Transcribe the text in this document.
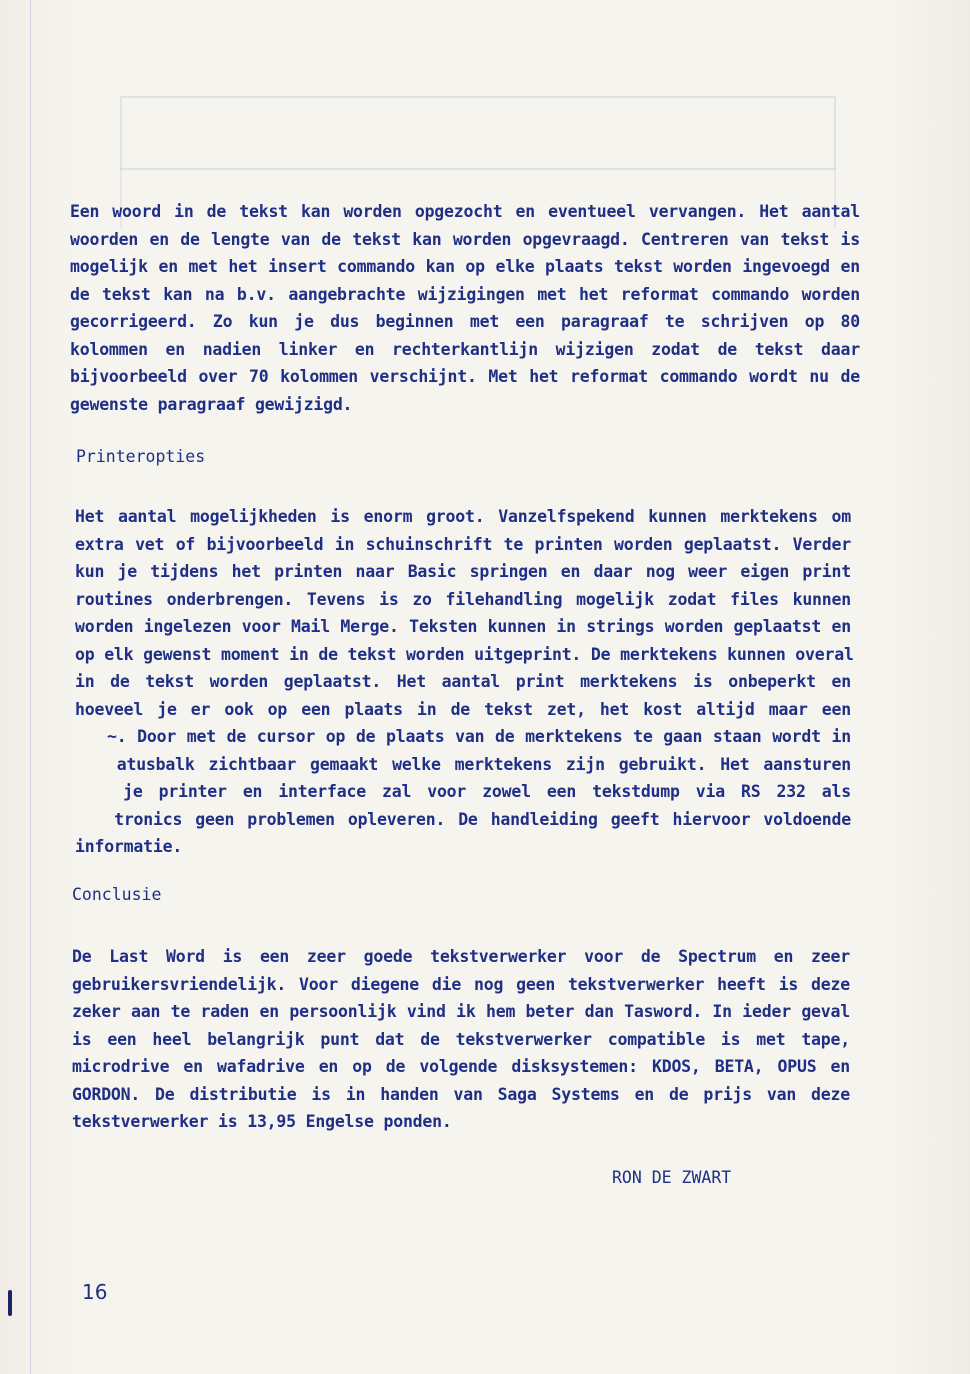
Een woord in de tekst kan worden opgezocht en eventueel vervangen. Het aantal
woorden en de lengte van de tekst kan worden opgevraagd. Centreren van tekst is
mogelijk en met het insert commando kan op elke plaats tekst worden ingevoegd en
de tekst kan na b.v. aangebrachte wijzigingen met het reformat commando worden
gecorrigeerd. Zo kun je dus beginnen met een paragraaf te schrijven op 80
kolommen en nadien linker en rechterkantlijn wijzigen zodat de tekst daar
bijvoorbeeld over 70 kolommen verschijnt. Met het reformat commando wordt nu de
gewenste paragraaf gewijzigd.
Printeropties
Het aantal mogelijkheden is enorm groot. Vanzelfspekend kunnen merktekens om
extra vet of bijvoorbeeld in schuinschrift te printen worden geplaatst. Verder
kun je tijdens het printen naar Basic springen en daar nog weer eigen print
routines onderbrengen. Tevens is zo filehandling mogelijk zodat files kunnen
worden ingelezen voor Mail Merge. Teksten kunnen in strings worden geplaatst en
op elk gewenst moment in de tekst worden uitgeprint. De merktekens kunnen overal
in de tekst worden geplaatst. Het aantal print merktekens is onbeperkt en
hoeveel je er ook op een plaats in de tekst zet, het kost altijd maar een
~. Door met de cursor op de plaats van de merktekens te gaan staan wordt in
atusbalk zichtbaar gemaakt welke merktekens zijn gebruikt. Het aansturen
je printer en interface zal voor zowel een tekstdump via RS 232 als
tronics geen problemen opleveren. De handleiding geeft hiervoor voldoende
informatie.
Conclusie
De Last Word is een zeer goede tekstverwerker voor de Spectrum en zeer
gebruikersvriendelijk. Voor diegene die nog geen tekstverwerker heeft is deze
zeker aan te raden en persoonlijk vind ik hem beter dan Tasword. In ieder geval
is een heel belangrijk punt dat de tekstverwerker compatible is met tape,
microdrive en wafadrive en op de volgende disksystemen: KDOS, BETA, OPUS en
GORDON. De distributie is in handen van Saga Systems en de prijs van deze
tekstverwerker is 13,95 Engelse ponden.
RON DE ZWART
16
